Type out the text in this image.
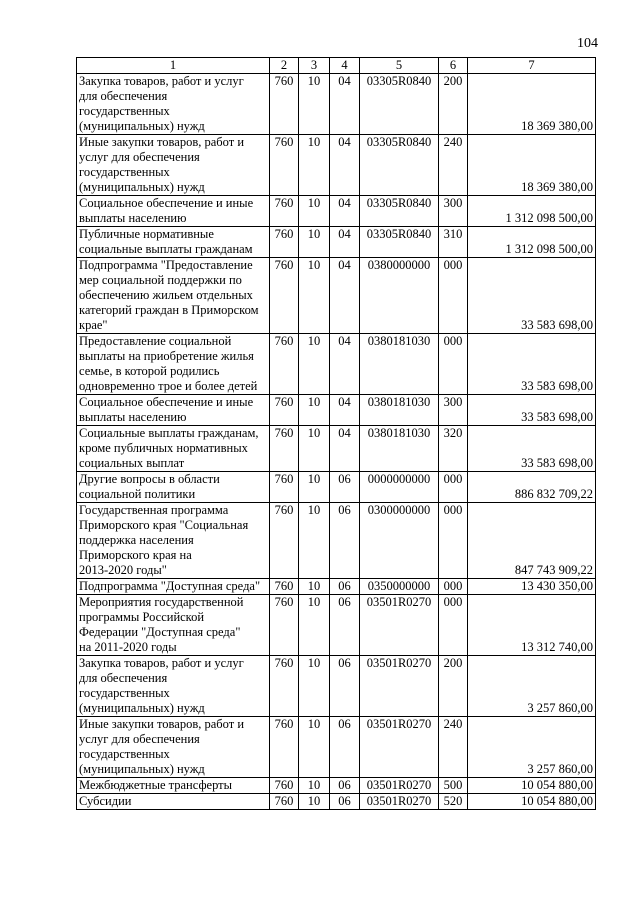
104
1	2	3	4	5	6	7

Закупка товаров, работ и услуг
для обеспечения
государственных
(муниципальных) нужд	760	10	04	03305R0840	200	18 369 380,00

Иные закупки товаров, работ и
услуг для обеспечения
государственных
(муниципальных) нужд	760	10	04	03305R0840	240	18 369 380,00

Социальное обеспечение и иные
выплаты населению	760	10	04	03305R0840	300	1 312 098 500,00

Публичные нормативные
социальные выплаты гражданам	760	10	04	03305R0840	310	1 312 098 500,00

Подпрограмма "Предоставление
мер социальной поддержки по
обеспечению жильем отдельных
категорий граждан в Приморском
крае"	760	10	04	0380000000	000	33 583 698,00

Предоставление социальной
выплаты на приобретение жилья
семье, в которой родились
одновременно трое и более детей	760	10	04	0380181030	000	33 583 698,00

Социальное обеспечение и иные
выплаты населению	760	10	04	0380181030	300	33 583 698,00

Социальные выплаты гражданам,
кроме публичных нормативных
социальных выплат	760	10	04	0380181030	320	33 583 698,00

Другие вопросы в области
социальной политики	760	10	06	0000000000	000	886 832 709,22

Государственная программа
Приморского края "Социальная
поддержка населения
Приморского края на
2013-2020 годы"	760	10	06	0300000000	000	847 743 909,22

Подпрограмма "Доступная среда"	760	10	06	0350000000	000	13 430 350,00

Мероприятия государственной
программы Российской
Федерации "Доступная среда"
на 2011-2020 годы	760	10	06	03501R0270	000	13 312 740,00

Закупка товаров, работ и услуг
для обеспечения
государственных
(муниципальных) нужд	760	10	06	03501R0270	200	3 257 860,00

Иные закупки товаров, работ и
услуг для обеспечения
государственных
(муниципальных) нужд	760	10	06	03501R0270	240	3 257 860,00

Межбюджетные трансферты	760	10	06	03501R0270	500	10 054 880,00

Субсидии	760	10	06	03501R0270	520	10 054 880,00
